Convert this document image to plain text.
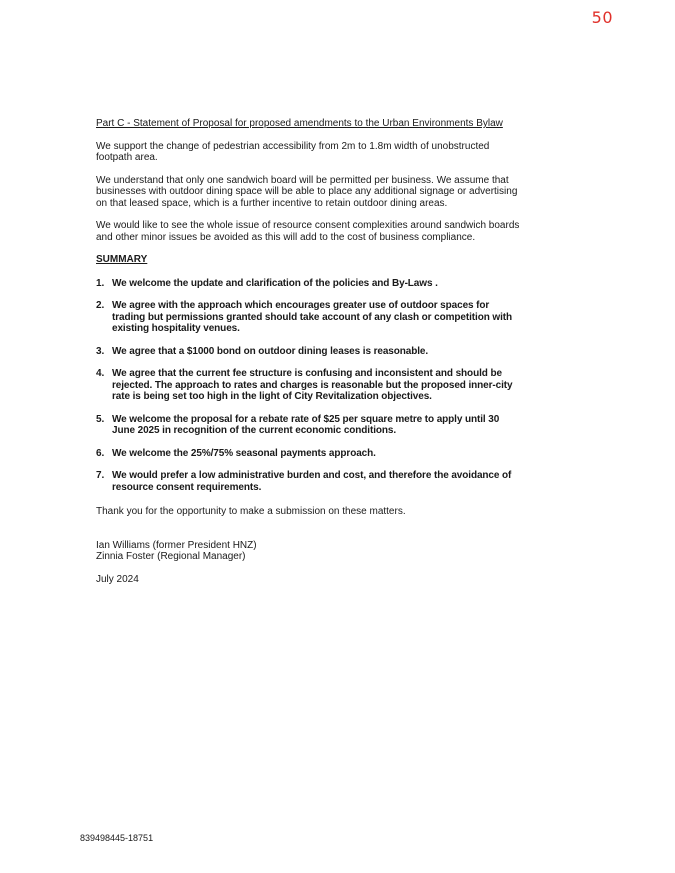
50

Part C - Statement of Proposal for proposed amendments to the Urban Environments Bylaw

We support the change of pedestrian accessibility from 2m to 1.8m width of unobstructed footpath area.

We understand that only one sandwich board will be permitted per business. We assume that businesses with outdoor dining space will be able to place any additional signage or advertising on that leased space, which is a further incentive to retain outdoor dining areas.

We would like to see the whole issue of resource consent complexities around sandwich boards and other minor issues be avoided as this will add to the cost of business compliance.

SUMMARY

1. We welcome the update and clarification of the policies and By-Laws .
2. We agree with the approach which encourages greater use of outdoor spaces for trading but permissions granted should take account of any clash or competition with existing hospitality venues.
3. We agree that a $1000 bond on outdoor dining leases is reasonable.
4. We agree that the current fee structure is confusing and inconsistent and should be rejected. The approach to rates and charges is reasonable but the proposed inner-city rate is being set too high in the light of City Revitalization objectives.
5. We welcome the proposal for a rebate rate of $25 per square metre to apply until 30 June 2025 in recognition of the current economic conditions.
6. We welcome the 25%/75% seasonal payments approach.
7. We would prefer a low administrative burden and cost, and therefore the avoidance of resource consent requirements.

Thank you for the opportunity to make a submission on these matters.

Ian Williams (former President HNZ)

Zinnia Foster (Regional Manager)

July 2024

839498445-18751
